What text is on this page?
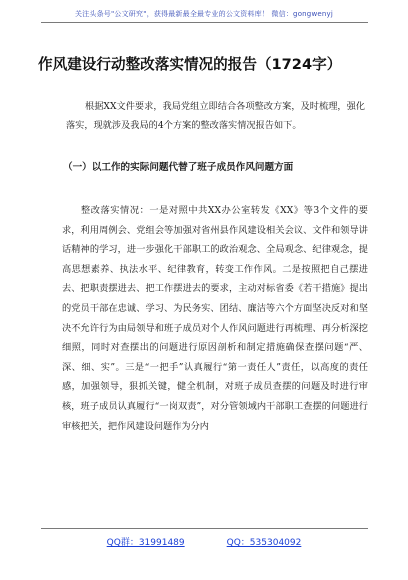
关注头条号"公文研究"，获得最新最全最专业的公文资料库！ 微信：gongwenyj
作风建设行动整改落实情况的报告（1724字）

根据XX文件要求，我局党组立即结合各项整改方案，及时梳理，强化落实，现就涉及我局的4个方案的整改落实情况报告如下。

（一）以工作的实际问题代替了班子成员作风问题方面

整改落实情况：一是对照中共XX办公室转发《XX》等3个文件的要求，利用周例会、党组会等加强对省州县作风建设相关会议、文件和领导讲话精神的学习，进一步强化干部职工的政治观念、全局观念、纪律观念，提高思想素养、执法水平、纪律教育，转变工作作风。二是按照把自己摆进去、把职责摆进去、把工作摆进去的要求，主动对标省委《若干措施》提出的党员干部在忠诚、学习、为民务实、团结、廉洁等六个方面坚决反对和坚决不允许行为由局领导和班子成员对个人作风问题进行再梳理、再分析深挖细照，同时对查摆出的问题进行原因剖析和制定措施确保查摆问题“严、深、细、实”。三是“一把手”认真履行“第一责任人”责任，以高度的责任感，加强领导，狠抓关键，健全机制，对班子成员查摆的问题及时进行审核，班子成员认真履行“一岗双责”，对分管领域内干部职工查摆的问题进行审核把关，把作风建设问题作为分内

QQ群：31991489	QQ：535304092
